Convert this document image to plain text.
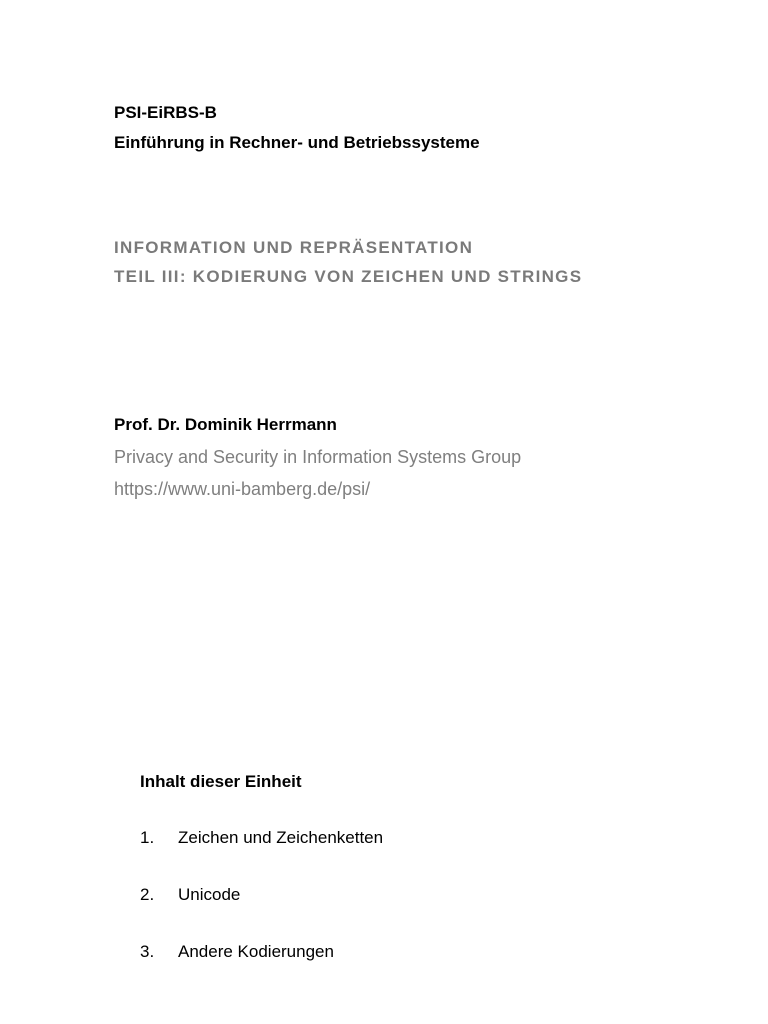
PSI-EiRBS-B
Einführung in Rechner- und Betriebssysteme
INFORMATION UND REPRÄSENTATION
TEIL III: KODIERUNG VON ZEICHEN UND STRINGS
Prof. Dr. Dominik Herrmann
Privacy and Security in Information Systems Group
https://www.uni-bamberg.de/psi/
Inhalt dieser Einheit
1.	Zeichen und Zeichenketten
2.	Unicode
3.	Andere Kodierungen
